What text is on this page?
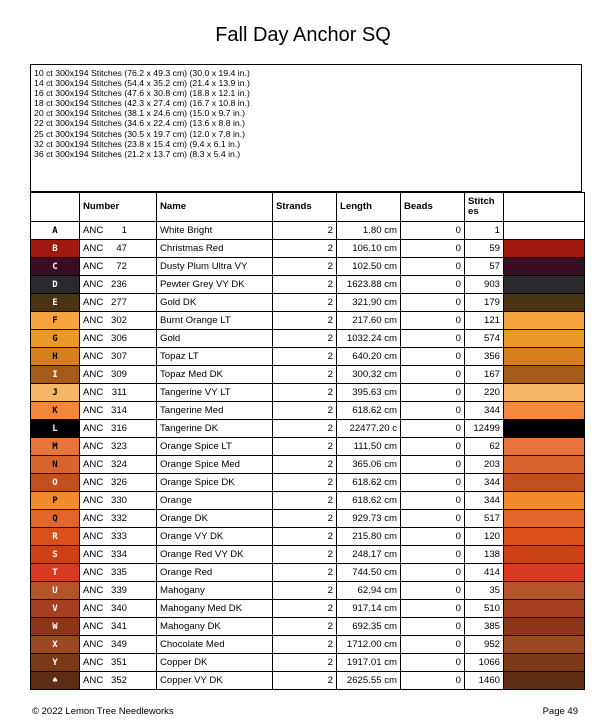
Fall Day Anchor SQ
10 ct 300x194 Stitches (76.2 x 49.3 cm) (30.0 x 19.4 in.)
14 ct 300x194 Stitches (54.4 x 35.2 cm) (21.4 x 13.9 in.)
16 ct 300x194 Stitches (47.6 x 30.8 cm) (18.8 x 12.1 in.)
18 ct 300x194 Stitches (42.3 x 27.4 cm) (16.7 x 10.8 in.)
20 ct 300x194 Stitches (38.1 x 24.6 cm) (15.0 x 9.7 in.)
22 ct 300x194 Stitches (34.6 x 22.4 cm) (13.6 x 8.8 in.)
25 ct 300x194 Stitches (30.5 x 19.7 cm) (12.0 x 7.8 in.)
32 ct 300x194 Stitches (23.8 x 15.4 cm) (9.4 x 6.1 in.)
36 ct 300x194 Stitches (21.2 x 13.7 cm) (8.3 x 5.4 in.)
	Number	Name	Strands	Length	Beads	Stitch es	
A	ANC 1	White Bright	2	1.80 cm	0	1	
B	ANC 47	Christmas Red	2	106.10 cm	0	59	
C	ANC 72	Dusty Plum Ultra VY	2	102.50 cm	0	57	
D	ANC 236	Pewter Grey VY DK	2	1623.88 cm	0	903	
E	ANC 277	Gold DK	2	321.90 cm	0	179	
F	ANC 302	Burnt Orange LT	2	217.60 cm	0	121	
G	ANC 306	Gold	2	1032.24 cm	0	574	
H	ANC 307	Topaz LT	2	640.20 cm	0	356	
I	ANC 309	Topaz Med DK	2	300.32 cm	0	167	
J	ANC 311	Tangerine VY LT	2	395.63 cm	0	220	
K	ANC 314	Tangerine Med	2	618.62 cm	0	344	
L	ANC 316	Tangerine DK	2	22477.20 c	0	12499	
M	ANC 323	Orange Spice LT	2	111.50 cm	0	62	
N	ANC 324	Orange Spice Med	2	365.06 cm	0	203	
O	ANC 326	Orange Spice DK	2	618.62 cm	0	344	
P	ANC 330	Orange	2	618.62 cm	0	344	
Q	ANC 332	Orange DK	2	929.73 cm	0	517	
R	ANC 333	Orange VY DK	2	215.80 cm	0	120	
S	ANC 334	Orange Red VY DK	2	248.17 cm	0	138	
T	ANC 335	Orange Red	2	744.50 cm	0	414	
U	ANC 339	Mahogany	2	62.94 cm	0	35	
V	ANC 340	Mahogany Med DK	2	917.14 cm	0	510	
W	ANC 341	Mahogany DK	2	692.35 cm	0	385	
X	ANC 349	Chocolate Med	2	1712.00 cm	0	952	
Y	ANC 351	Copper DK	2	1917.01 cm	0	1066	
♠	ANC 352	Copper VY DK	2	2625.55 cm	0	1460	
© 2022 Lemon Tree Needleworks	Page 49
